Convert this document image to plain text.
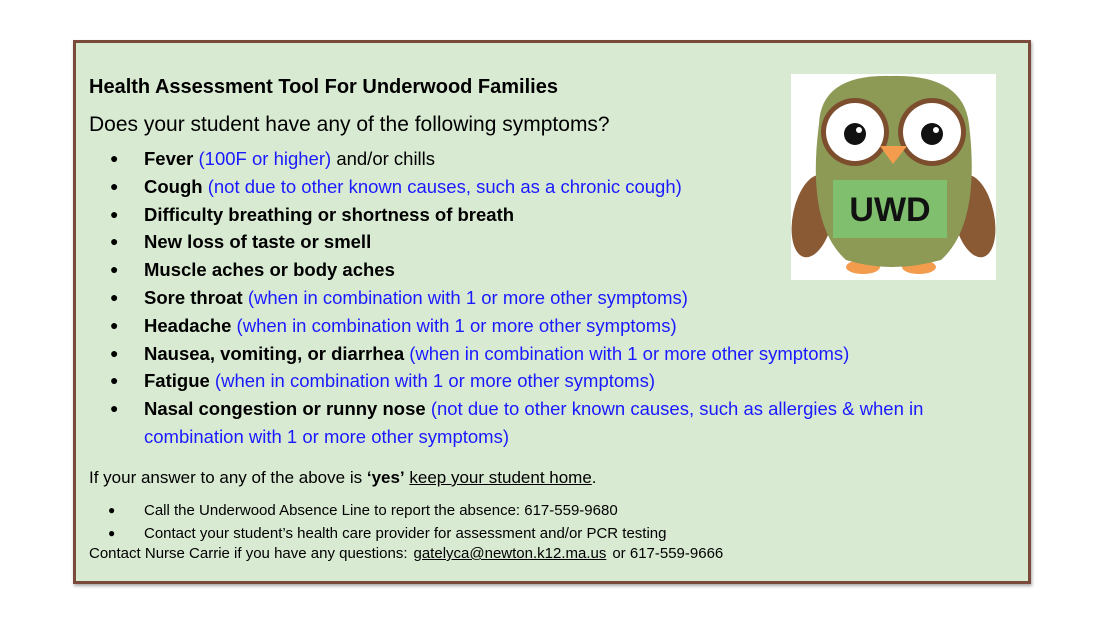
Health Assessment Tool For Underwood Families
Does your student have any of the following symptoms?
● Fever (100F or higher) and/or chills
● Cough (not due to other known causes, such as a chronic cough)
● Difficulty breathing or shortness of breath
● New loss of taste or smell
● Muscle aches or body aches
● Sore throat (when in combination with 1 or more other symptoms)
● Headache (when in combination with 1 or more other symptoms)
● Nausea, vomiting, or diarrhea (when in combination with 1 or more other symptoms)
● Fatigue (when in combination with 1 or more other symptoms)
● Nasal congestion or runny nose (not due to other known causes, such as allergies & when in combination with 1 or more other symptoms)
If your answer to any of the above is ‘yes’ keep your student home.
● Call the Underwood Absence Line to report the absence: 617-559-9680
● Contact your student’s health care provider for assessment and/or PCR testing
Contact Nurse Carrie if you have any questions: gatelyca@newton.k12.ma.us or 617-559-9666
UWD
